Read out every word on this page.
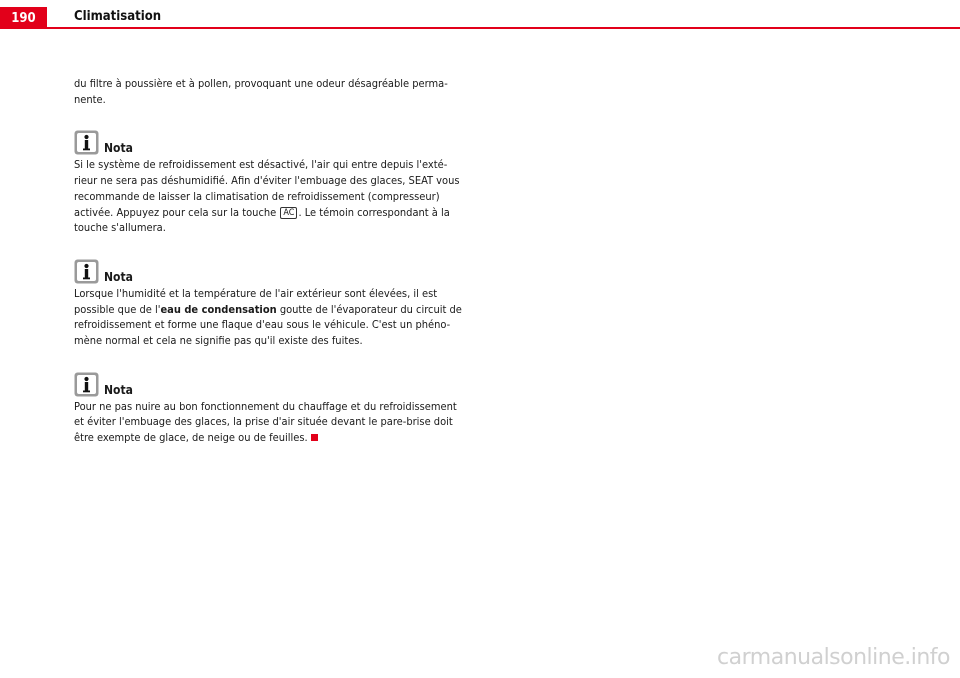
190	Climatisation

du filtre à poussière et à pollen, provoquant une odeur désagréable perma-nente.

Nota

Si le système de refroidissement est désactivé, l'air qui entre depuis l'exté-rieur ne sera pas déshumidifié. Afin d'éviter l'embuage des glaces, SEAT vous recommande de laisser la climatisation de refroidissement (compresseur) activée. Appuyez pour cela sur la touche AC . Le témoin correspondant à la touche s'allumera.

Nota

Lorsque l'humidité et la température de l'air extérieur sont élevées, il est possible que de l'eau de condensation goutte de l'évaporateur du circuit de refroidissement et forme une flaque d'eau sous le véhicule. C'est un phéno-mène normal et cela ne signifie pas qu'il existe des fuites.

Nota

Pour ne pas nuire au bon fonctionnement du chauffage et du refroidissement et éviter l'embuage des glaces, la prise d'air située devant le pare-brise doit être exempte de glace, de neige ou de feuilles.

carmanualsonline.info
